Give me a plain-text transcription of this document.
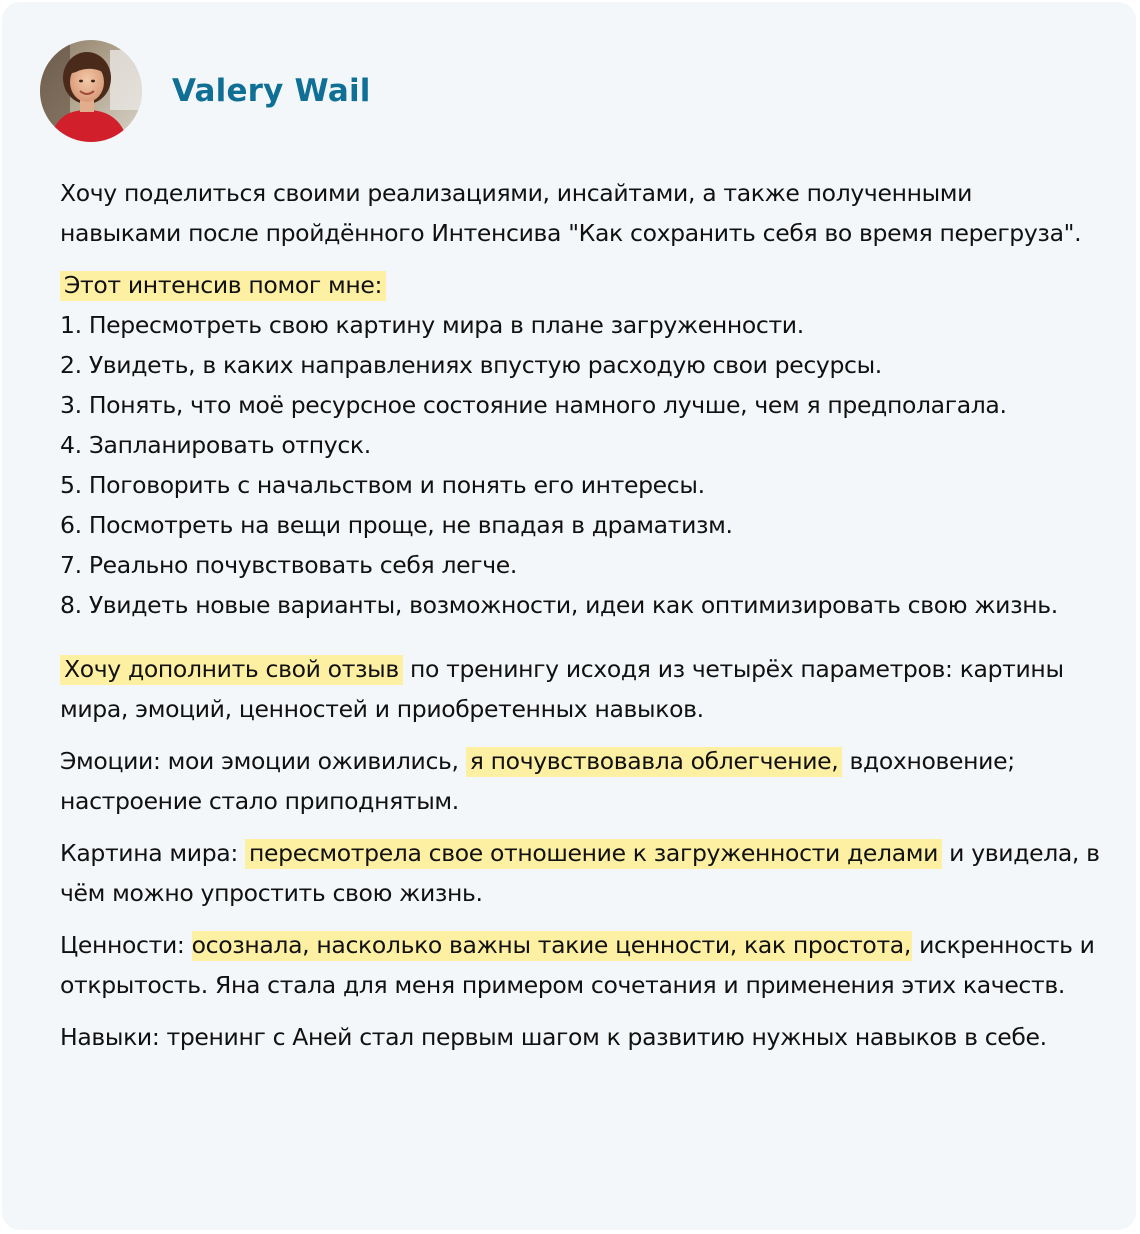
Valery Wail

Хочу поделиться своими реализациями, инсайтами, а также полученными навыками после пройдённого Интенсива "Как сохранить себя во время перегруза".

Этот интенсив помог мне:

1. Пересмотреть свою картину мира в плане загруженности.

2. Увидеть, в каких направлениях впустую расходую свои ресурсы.

3. Понять, что моё ресурсное состояние намного лучше, чем я предполагала.

4. Запланировать отпуск.

5. Поговорить с начальством и понять его интересы.

6. Посмотреть на вещи проще, не впадая в драматизм.

7. Реально почувствовать себя легче.

8. Увидеть новые варианты, возможности, идеи как оптимизировать свою жизнь.

Хочу дополнить свой отзыв по тренингу исходя из четырёх параметров: картины мира, эмоций, ценностей и приобретенных навыков.

Эмоции: мои эмоции оживились, я почувствовавла облегчение, вдохновение; настроение стало приподнятым.

Картина мира: пересмотрела свое отношение к загруженности делами и увидела, в чём можно упростить свою жизнь.

Ценности: осознала, насколько важны такие ценности, как простота, искренность и открытость. Яна стала для меня примером сочетания и применения этих качеств.

Навыки: тренинг с Аней стал первым шагом к развитию нужных навыков в себе.
